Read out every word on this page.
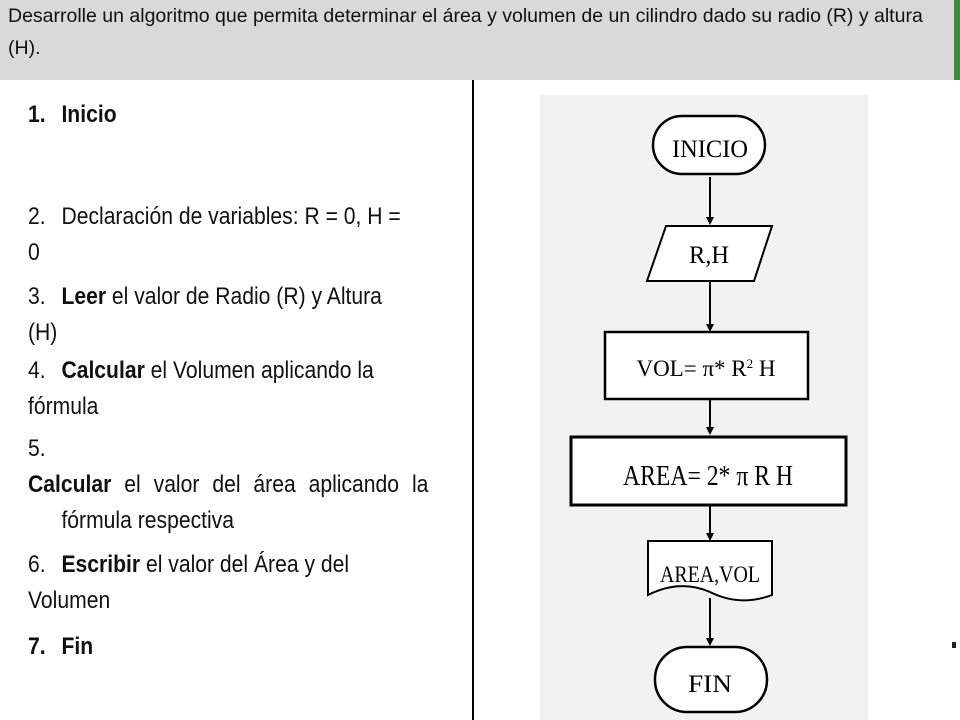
Desarrolle un algoritmo que permita determinar el área y volumen de un cilindro dado su radio (R) y altura (H).
1. Inicio
2. Declaración de variables: R = 0, H = 0
3. Leer el valor de Radio (R) y Altura (H)
4. Calcular el Volumen aplicando la fórmula
5.Calcular el valor del área aplicando la
fórmula respectiva
6. Escribir el valor del Área y del Volumen
7. Fin
INICIO
R,H
VOL= π* $R^2$ H
AREA= 2* π R H
AREA,VOL
FIN
